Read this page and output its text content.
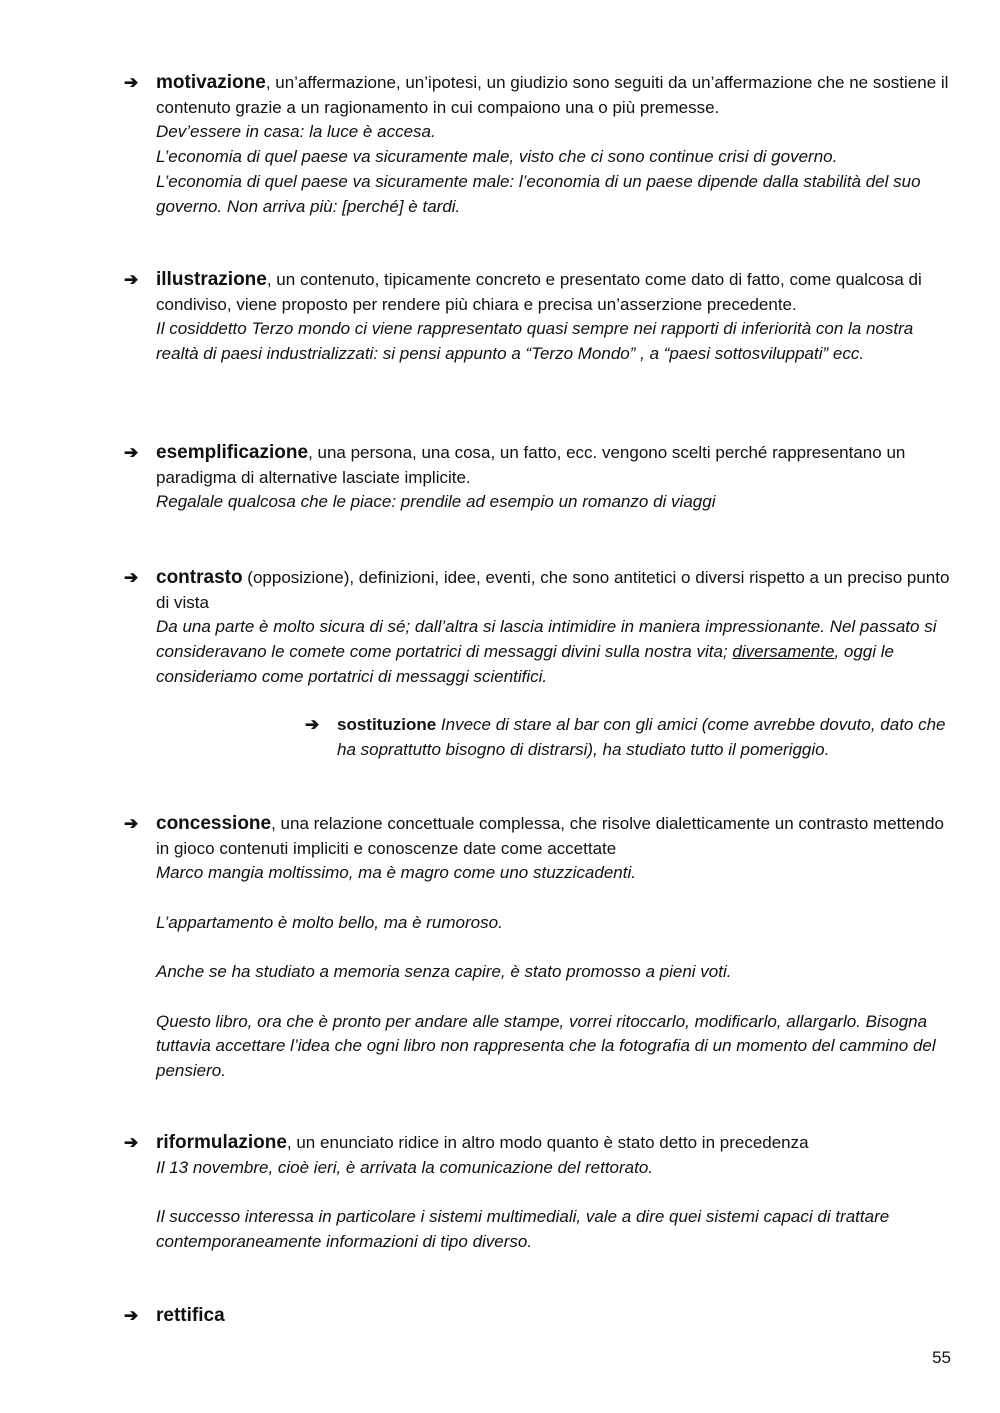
➔ motivazione, un’affermazione, un’ipotesi, un giudizio sono seguiti da un’affermazione che ne sostiene il contenuto grazie a un ragionamento in cui compaiono una o più premesse.
Dev’essere in casa: la luce è accesa.
L’economia di quel paese va sicuramente male, visto che ci sono continue crisi di governo.
L’economia di quel paese va sicuramente male: l’economia di un paese dipende dalla stabilità del suo governo. Non arriva più: [perché] è tardi.
➔ illustrazione, un contenuto, tipicamente concreto e presentato come dato di fatto, come qualcosa di condiviso, viene proposto per rendere più chiara e precisa un’asserzione precedente.
Il cosiddetto Terzo mondo ci viene rappresentato quasi sempre nei rapporti di inferiorità con la nostra realtà di paesi industrializzati: si pensi appunto a “Terzo Mondo” , a “paesi sottosviluppati” ecc.
➔ esemplificazione, una persona, una cosa, un fatto, ecc. vengono scelti perché rappresentano un paradigma di alternative lasciate implicite.
Regalale qualcosa che le piace: prendile ad esempio un romanzo di viaggi
➔ contrasto (opposizione), definizioni, idee, eventi, che sono antitetici o diversi rispetto a un preciso punto di vista
Da una parte è molto sicura di sé; dall’altra si lascia intimidire in maniera impressionante. Nel passato si consideravano le comete come portatrici di messaggi divini sulla nostra vita; diversamente, oggi le consideriamo come portatrici di messaggi scientifici.
➔ sostituzione Invece di stare al bar con gli amici (come avrebbe dovuto, dato che ha soprattutto bisogno di distrarsi), ha studiato tutto il pomeriggio.
➔ concessione, una relazione concettuale complessa, che risolve dialetticamente un contrasto mettendo in gioco contenuti impliciti e conoscenze date come accettate
Marco mangia moltissimo, ma è magro come uno stuzzicadenti.

L’appartamento è molto bello, ma è rumoroso.

Anche se ha studiato a memoria senza capire, è stato promosso a pieni voti.

Questo libro, ora che è pronto per andare alle stampe, vorrei ritoccarlo, modificarlo, allargarlo. Bisogna tuttavia accettare l’idea che ogni libro non rappresenta che la fotografia di un momento del cammino del pensiero.
➔ riformulazione, un enunciato ridice in altro modo quanto è stato detto in precedenza
Il 13 novembre, cioè ieri, è arrivata la comunicazione del rettorato.

Il successo interessa in particolare i sistemi multimediali, vale a dire quei sistemi capaci di trattare contemporaneamente informazioni di tipo diverso.
➔ rettifica
55
